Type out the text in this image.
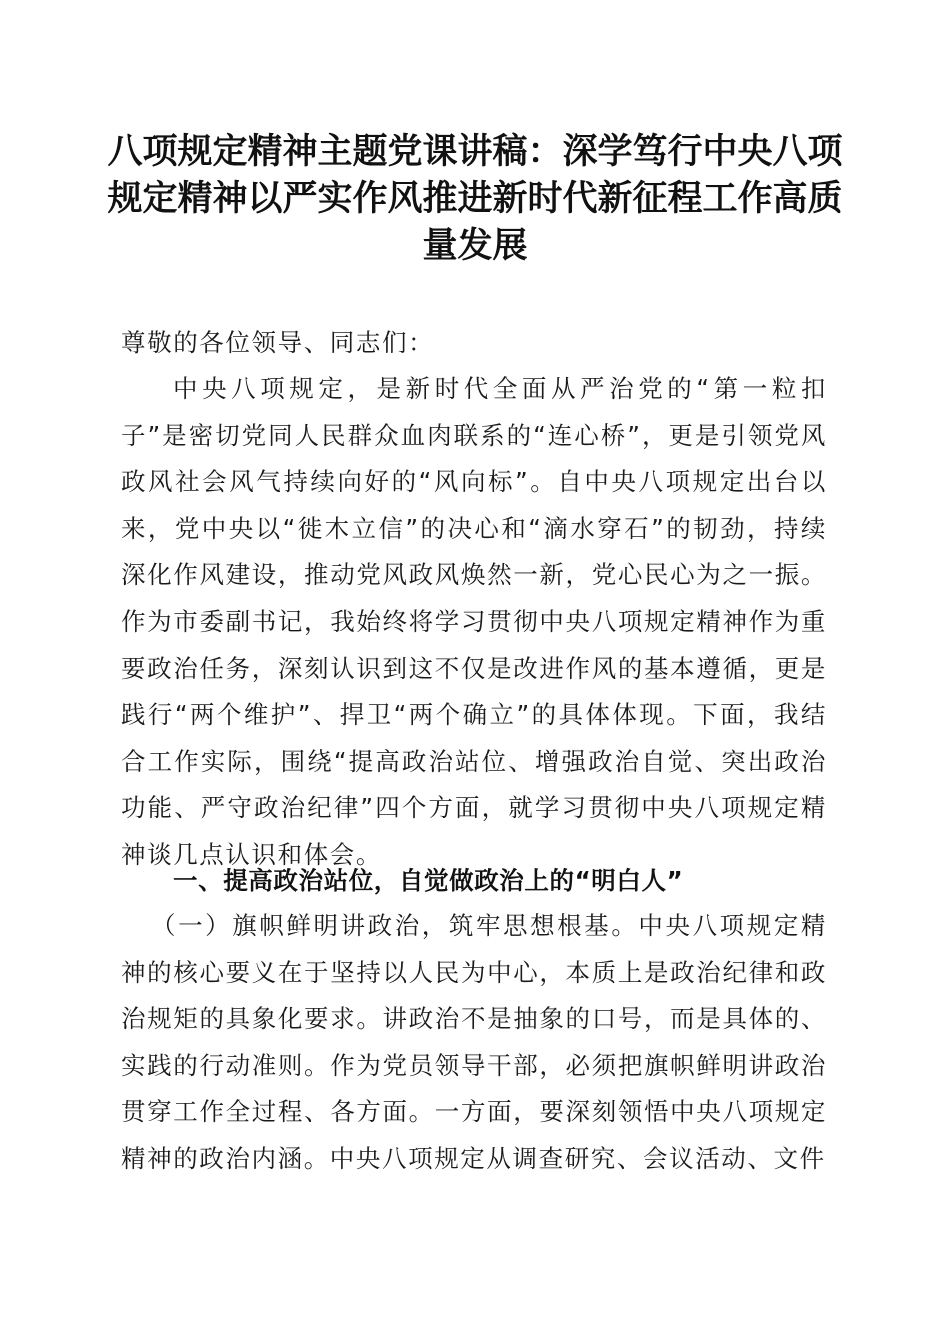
八项规定精神主题党课讲稿：深学笃行中央八项规定精神以严实作风推进新时代新征程工作高质量发展

尊敬的各位领导、同志们：

中央八项规定，是新时代全面从严治党的“第一粒扣子”是密切党同人民群众血肉联系的“连心桥”，更是引领党风政风社会风气持续向好的“风向标”。自中央八项规定出台以来，党中央以“徙木立信”的决心和“滴水穿石”的韧劲，持续深化作风建设，推动党风政风焕然一新，党心民心为之一振。作为市委副书记，我始终将学习贯彻中央八项规定精神作为重要政治任务，深刻认识到这不仅是改进作风的基本遵循，更是践行“两个维护”、捍卫“两个确立”的具体体现。下面，我结合工作实际，围绕“提高政治站位、增强政治自觉、突出政治功能、严守政治纪律”四个方面，就学习贯彻中央八项规定精神谈几点认识和体会。

一、提高政治站位，自觉做政治上的“明白人”

（一）旗帜鲜明讲政治，筑牢思想根基。中央八项规定精神的核心要义在于坚持以人民为中心，本质上是政治纪律和政治规矩的具象化要求。讲政治不是抽象的口号，而是具体的、实践的行动准则。作为党员领导干部，必须把旗帜鲜明讲政治贯穿工作全过程、各方面。一方面，要深刻领悟中央八项规定精神的政治内涵。中央八项规定从调查研究、会议活动、文件
